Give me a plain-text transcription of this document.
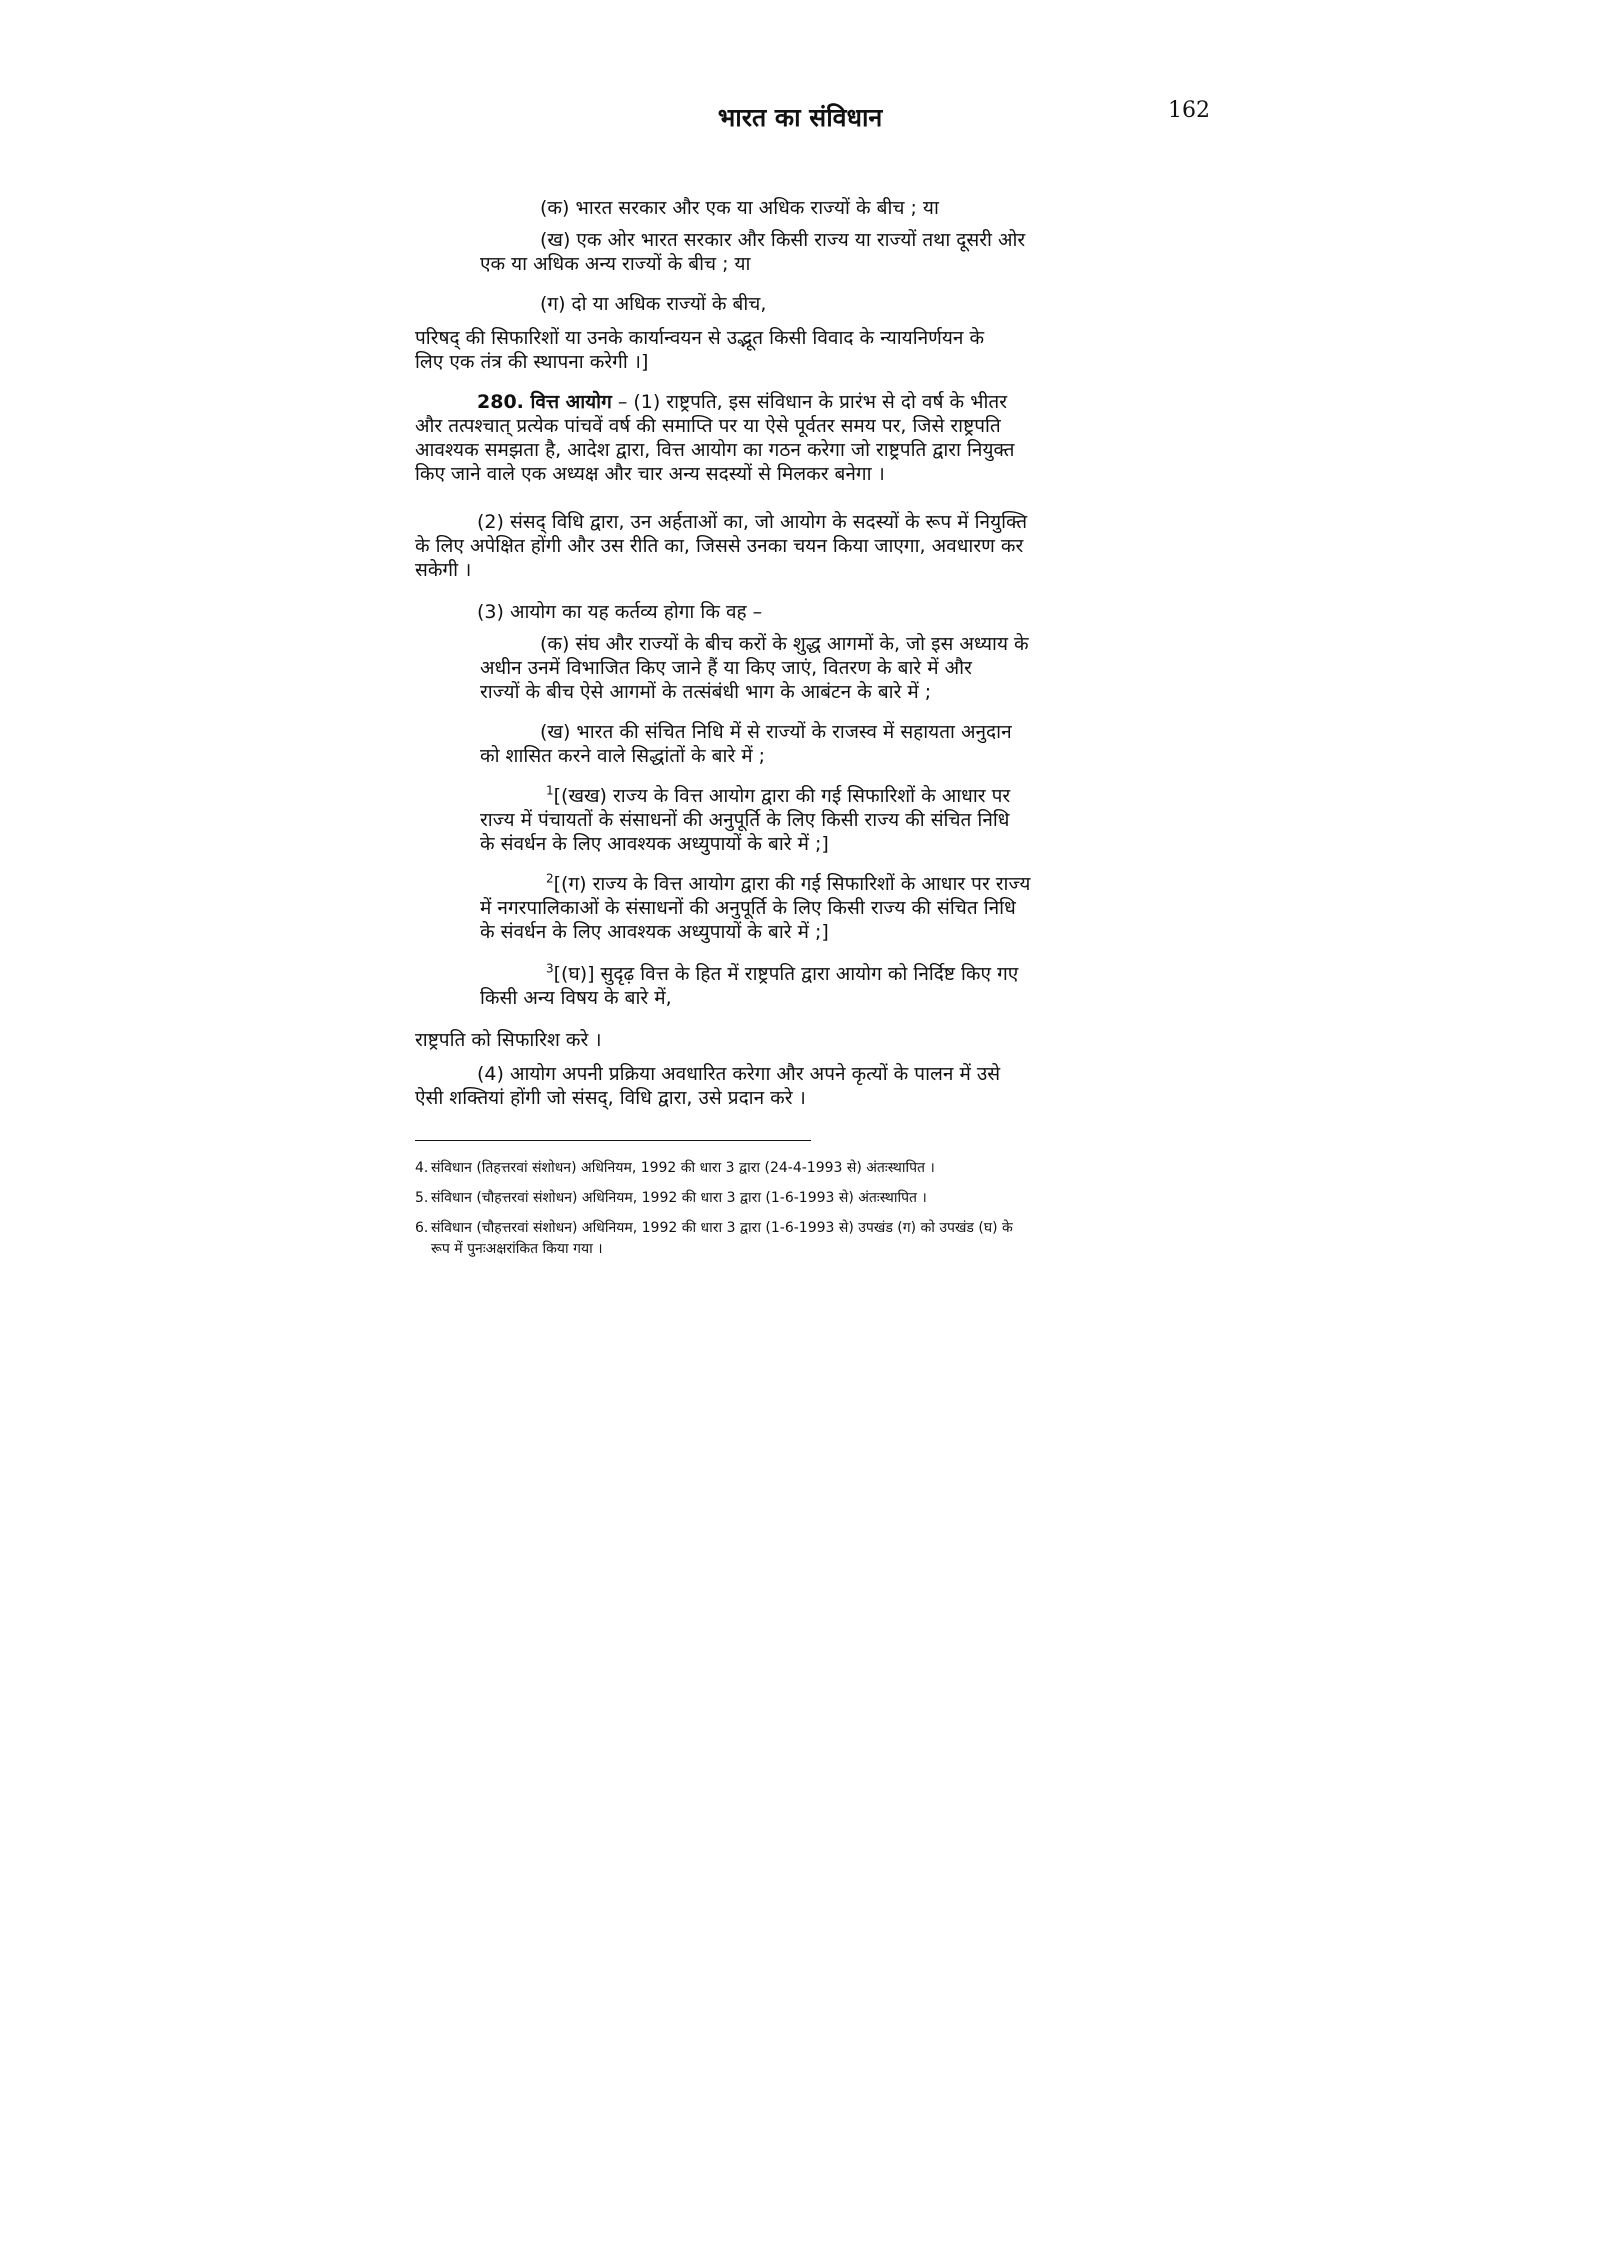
भारत का संविधान	162
(क) भारत सरकार और एक या अधिक राज्यों के बीच ; या
(ख) एक ओर भारत सरकार और किसी राज्य या राज्यों तथा दूसरी ओर
एक या अधिक अन्य राज्यों के बीच ; या
(ग) दो या अधिक राज्यों के बीच,
परिषद् की सिफारिशों या उनके कार्यान्वयन से उद्भूत किसी विवाद के न्यायनिर्णयन के
लिए एक तंत्र की स्थापना करेगी ।]
280. वित्त आयोग – (1) राष्ट्रपति, इस संविधान के प्रारंभ से दो वर्ष के भीतर
और तत्पश्चात् प्रत्येक पांचवें वर्ष की समाप्ति पर या ऐसे पूर्वतर समय पर, जिसे राष्ट्रपति
आवश्यक समझता है, आदेश द्वारा, वित्त आयोग का गठन करेगा जो राष्ट्रपति द्वारा नियुक्त
किए जाने वाले एक अध्यक्ष और चार अन्य सदस्यों से मिलकर बनेगा ।
(2) संसद् विधि द्वारा, उन अर्हताओं का, जो आयोग के सदस्यों के रूप में नियुक्ति
के लिए अपेक्षित होंगी और उस रीति का, जिससे उनका चयन किया जाएगा, अवधारण कर
सकेगी ।
(3) आयोग का यह कर्तव्य होगा कि वह –
(क) संघ और राज्यों के बीच करों के शुद्ध आगमों के, जो इस अध्याय के
अधीन उनमें विभाजित किए जाने हैं या किए जाएं, वितरण के बारे में और
राज्यों के बीच ऐसे आगमों के तत्संबंधी भाग के आबंटन के बारे में ;
(ख) भारत की संचित निधि में से राज्यों के राजस्व में सहायता अनुदान
को शासित करने वाले सिद्धांतों के बारे में ;
$^1$[(खख) राज्य के वित्त आयोग द्वारा की गई सिफारिशों के आधार पर
राज्य में पंचायतों के संसाधनों की अनुपूर्ति के लिए किसी राज्य की संचित निधि
के संवर्धन के लिए आवश्यक अध्युपायों के बारे में ;]
$^2$[(ग) राज्य के वित्त आयोग द्वारा की गई सिफारिशों के आधार पर राज्य
में नगरपालिकाओं के संसाधनों की अनुपूर्ति के लिए किसी राज्य की संचित निधि
के संवर्धन के लिए आवश्यक अध्युपायों के बारे में ;]
$^3$[(घ)] सुदृढ़ वित्त के हित में राष्ट्रपति द्वारा आयोग को निर्दिष्ट किए गए
किसी अन्य विषय के बारे में,
राष्ट्रपति को सिफारिश करे ।
(4) आयोग अपनी प्रक्रिया अवधारित करेगा और अपने कृत्यों के पालन में उसे
ऐसी शक्तियां होंगी जो संसद्, विधि द्वारा, उसे प्रदान करे ।
4. संविधान (तिहत्तरवां संशोधन) अधिनियम, 1992 की धारा 3 द्वारा (24-4-1993 से) अंतःस्थापित ।
5. संविधान (चौहत्तरवां संशोधन) अधिनियम, 1992 की धारा 3 द्वारा (1-6-1993 से) अंतःस्थापित ।
6. संविधान (चौहत्तरवां संशोधन) अधिनियम, 1992 की धारा 3 द्वारा (1-6-1993 से) उपखंड (ग) को उपखंड (घ) के
रूप में पुनःअक्षरांकित किया गया ।
